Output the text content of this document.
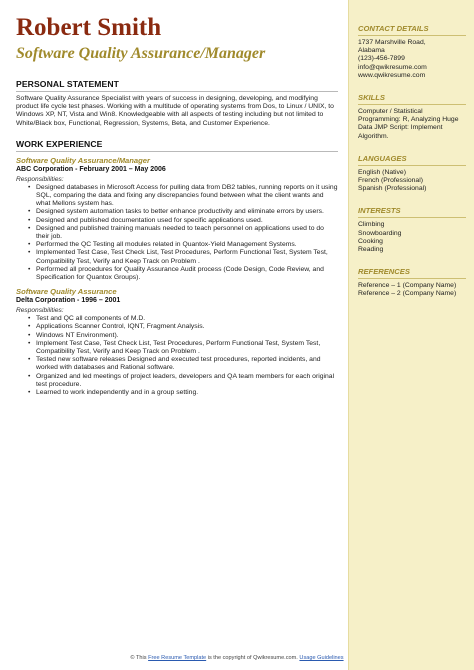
Robert Smith
Software Quality Assurance/Manager
PERSONAL STATEMENT
Software Quality Assurance Specialist with years of success in designing, developing, and modifying product life cycle test phases. Working with a multitude of operating systems from Dos, to Linux / UNIX, to Windows XP, NT, Vista and Win8. Knowledgeable with all aspects of testing including but not limited to White/Black box, Functional, Regression, Systems, Beta, and Customer Experience.
WORK EXPERIENCE
Software Quality Assurance/Manager
ABC Corporation - February 2001 – May 2006
Responsibilities:
• Designed databases in Microsoft Access for pulling data from DB2 tables, running reports on it using SQL, comparing the data and fixing any discrepancies found between what the client wants and what Mellons system has.
• Designed system automation tasks to better enhance productivity and eliminate errors by users.
• Designed and published documentation used for specific applications used.
• Designed and published training manuals needed to teach personnel on applications used to do their job.
• Performed the QC Testing all modules related in Quantox-Yield Management Systems.
• Implemented Test Case, Test Check List, Test Procedures, Perform Functional Test, System Test, Compatibility Test, Verify and Keep Track on Problem .
• Performed all procedures for Quality Assurance Audit process (Code Design, Code Review, and Specification for Quantox Groups).
Software Quality Assurance
Delta Corporation - 1996 – 2001
Responsibilities:
• Test and QC all components of M.D.
• Applications Scanner Control, IQNT, Fragment Analysis.
• Windows NT Environment).
• Implement Test Case, Test Check List, Test Procedures, Perform Functional Test, System Test, Compatibility Test, Verify and Keep Track on Problem .
• Tested new software releases Designed and executed test procedures, reported incidents, and worked with databases and Rational software.
• Organized and led meetings of project leaders, developers and QA team members for each original test procedure.
• Learned to work independently and in a group setting.
CONTACT DETAILS
1737 Marshville Road,
Alabama
(123)-456-7899
info@qwikresume.com
www.qwikresume.com
SKILLS
Computer / Statistical Programming: R, Analyzing Huge Data JMP Script: Implement Algorithm.
LANGUAGES
English (Native)
French (Professional)
Spanish (Professional)
INTERESTS
Climbing
Snowboarding
Cooking
Reading
REFERENCES
Reference – 1 (Company Name)
Reference – 2 (Company Name)
© This Free Resume Template is the copyright of Qwikresume.com. Usage Guidelines
